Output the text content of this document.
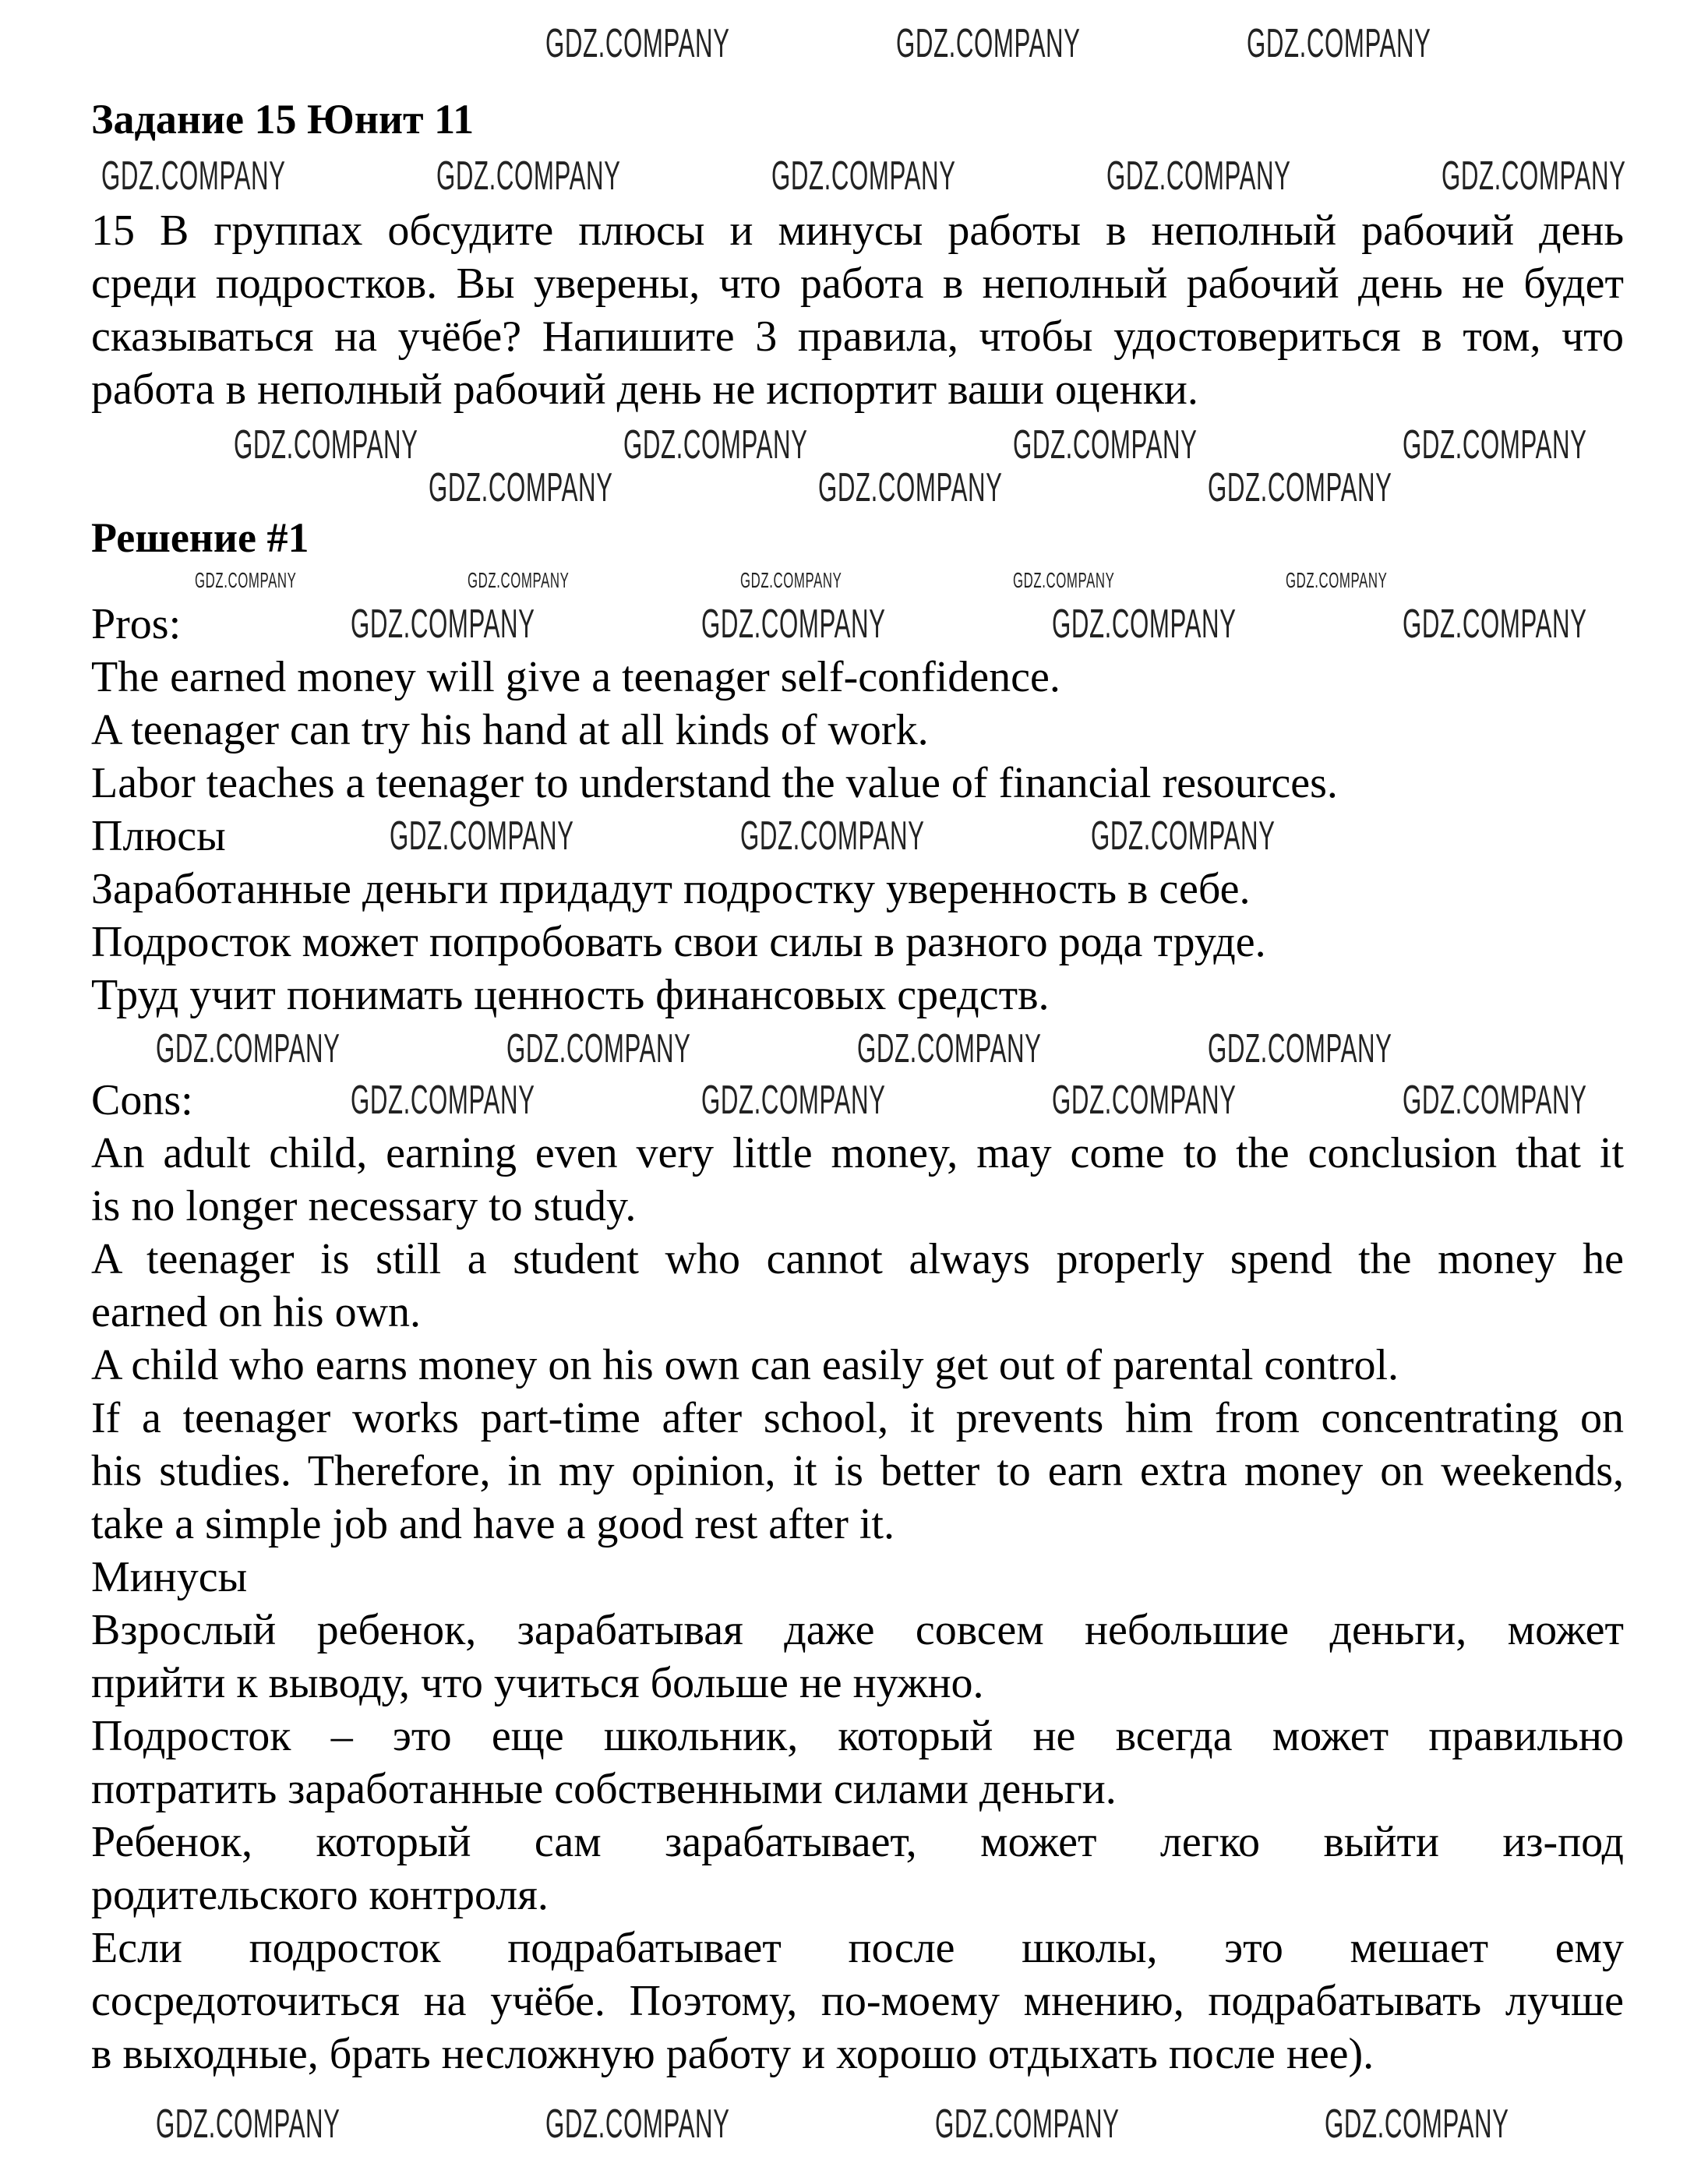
Задание 15 Юнит 11
15 В группах обсудите плюсы и минусы работы в неполный рабочий день
среди подростков. Вы уверены, что работа в неполный рабочий день не будет
сказываться на учёбе? Напишите 3 правила, чтобы удостовериться в том, что
работа в неполный рабочий день не испортит ваши оценки.
Решение #1
Pros:
The earned money will give a teenager self-confidence.
A teenager can try his hand at all kinds of work.
Labor teaches a teenager to understand the value of financial resources.
Плюсы
Заработанные деньги придадут подростку уверенность в себе.
Подросток может попробовать свои силы в разного рода труде.
Труд учит понимать ценность финансовых средств.
Cons:
An adult child, earning even very little money, may come to the conclusion that it
is no longer necessary to study.
A teenager is still a student who cannot always properly spend the money he
earned on his own.
A child who earns money on his own can easily get out of parental control.
If a teenager works part-time after school, it prevents him from concentrating on
his studies. Therefore, in my opinion, it is better to earn extra money on weekends,
take a simple job and have a good rest after it.
Минусы
Взрослый ребенок, зарабатывая даже совсем небольшие деньги, может
прийти к выводу, что учиться больше не нужно.
Подросток – это еще школьник, который не всегда может правильно
потратить заработанные собственными силами деньги.
Ребенок, который сам зарабатывает, может легко выйти из-под
родительского контроля.
Если подросток подрабатывает после школы, это мешает ему
сосредоточиться на учёбе. Поэтому, по-моему мнению, подрабатывать лучше
в выходные, брать несложную работу и хорошо отдыхать после нее).
GDZ.COMPANY	GDZ.COMPANY	GDZ.COMPANY
GDZ.COMPANY	GDZ.COMPANY	GDZ.COMPANY	GDZ.COMPANY	GDZ.COMPANY
GDZ.COMPANY	GDZ.COMPANY	GDZ.COMPANY	GDZ.COMPANY
GDZ.COMPANY	GDZ.COMPANY	GDZ.COMPANY
GDZ.COMPANY	GDZ.COMPANY	GDZ.COMPANY	GDZ.COMPANY	GDZ.COMPANY
GDZ.COMPANY	GDZ.COMPANY	GDZ.COMPANY	GDZ.COMPANY
GDZ.COMPANY	GDZ.COMPANY	GDZ.COMPANY
GDZ.COMPANY	GDZ.COMPANY	GDZ.COMPANY	GDZ.COMPANY
GDZ.COMPANY	GDZ.COMPANY	GDZ.COMPANY	GDZ.COMPANY
GDZ.COMPANY	GDZ.COMPANY	GDZ.COMPANY	GDZ.COMPANY
